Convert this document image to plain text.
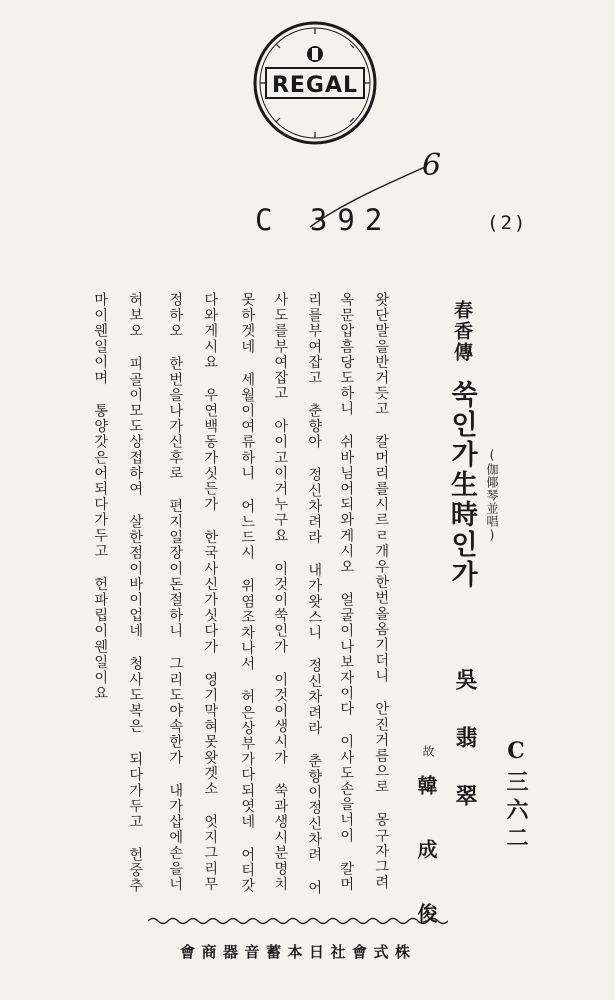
REGAL
6
C 392	(2)
春香傳
(伽倻琴並唱)
쑥인가生時인가
吳 翡 翠
故
韓 成 俊	C三六二
왓단말을반거듯고 칼머리를시르ㄹ개우한번올옴기더니 안진거름으로 몽구자그려
옥문압흠당도하니 쉬바님어되와게시오 얼굴이나보자이다 이사도손을너이 칼머
리를부여잡고 춘향아 정신차려라 내가왓스니 정신차려라 춘향이정신차려 어
사도를부여잡고 아이고이거누구요 이것이쑥인가 이것이생시가 쑥과생시분명치
못하겟네 세월이여류하니 어느드시 위염조차나서 허은상부가다되엿네 어티갓
다와게시요 우연백동가싯든가 한국사신가싯다가 영기막혀못왓겟소 엇지그리무
정하오 한번을나가신후로 편지일장이돈절하니 그리도야속한가 내가삽에손을너
허보오 피골이모도상접하여 살한점이바이업네 청사도복은 되다가두고 헌중추
마이웬일이며 통양갓은어되다가두고 헌파립이웬일이요
株式會社日本蓄音器商會
